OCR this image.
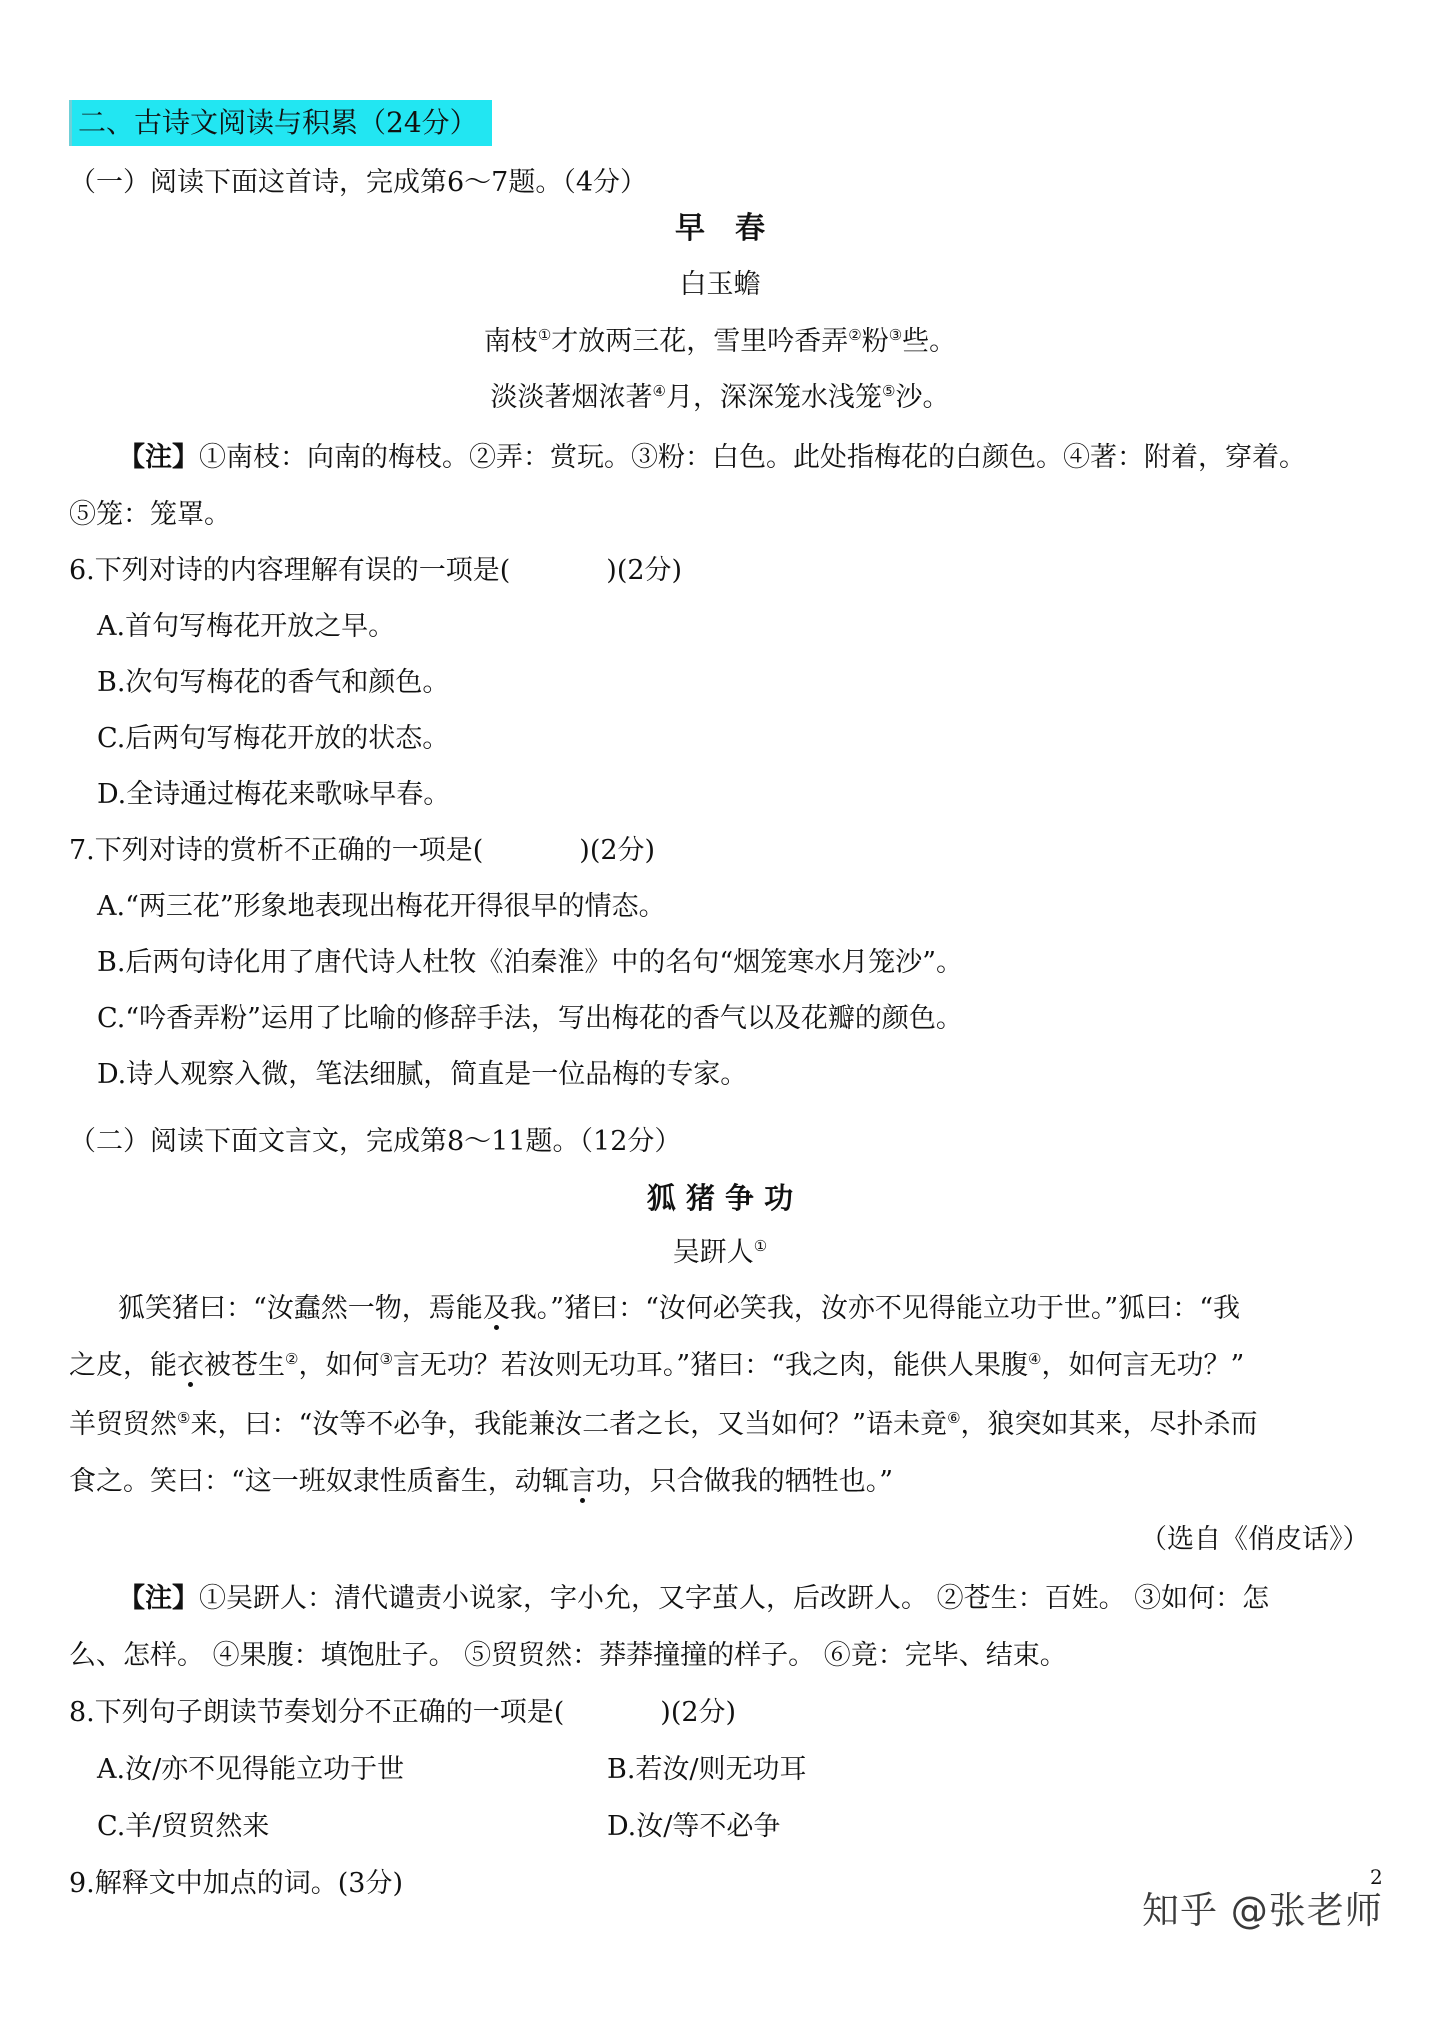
二、古诗文阅读与积累（24分）
（一）阅读下面这首诗，完成第6～7题。（4分）
早　春
白玉蟾
南枝①才放两三花，雪里吟香弄②粉③些。
淡淡著烟浓著④月，深深笼水浅笼⑤沙。
【注】①南枝：向南的梅枝。②弄：赏玩。③粉：白色。此处指梅花的白颜色。④著：附着，穿着。
⑤笼：笼罩。
6.下列对诗的内容理解有误的一项是(	)(2分)
A.首句写梅花开放之早。
B.次句写梅花的香气和颜色。
C.后两句写梅花开放的状态。
D.全诗通过梅花来歌咏早春。
7.下列对诗的赏析不正确的一项是(	)(2分)
A.“两三花”形象地表现出梅花开得很早的情态。
B.后两句诗化用了唐代诗人杜牧《泊秦淮》中的名句“烟笼寒水月笼沙”。
C.“吟香弄粉”运用了比喻的修辞手法，写出梅花的香气以及花瓣的颜色。
D.诗人观察入微，笔法细腻，简直是一位品梅的专家。
（二）阅读下面文言文，完成第8～11题。（12分）
狐 猪 争 功
吴趼人①
狐笑猪曰：“汝蠢然一物，焉能及我。”猪曰：“汝何必笑我，汝亦不见得能立功于世。”狐曰：“我
之皮，能衣被苍生②，如何③言无功？若汝则无功耳。”猪曰：“我之肉，能供人果腹④，如何言无功？”
羊贸贸然⑤来，曰：“汝等不必争，我能兼汝二者之长，又当如何？”语未竟⑥，狼突如其来，尽扑杀而
食之。笑曰：“这一班奴隶性质畜生，动辄言功，只合做我的牺牲也。”
（选自《俏皮话》）
【注】①吴趼人：清代谴责小说家，字小允，又字茧人，后改趼人。 ②苍生：百姓。 ③如何：怎
么、怎样。 ④果腹：填饱肚子。 ⑤贸贸然：莽莽撞撞的样子。 ⑥竟：完毕、结束。
8.下列句子朗读节奏划分不正确的一项是(	)(2分)
A.汝/亦不见得能立功于世	B.若汝/则无功耳
C.羊/贸贸然来	D.汝/等不必争
9.解释文中加点的词。(3分)	2
知乎 @张老师
